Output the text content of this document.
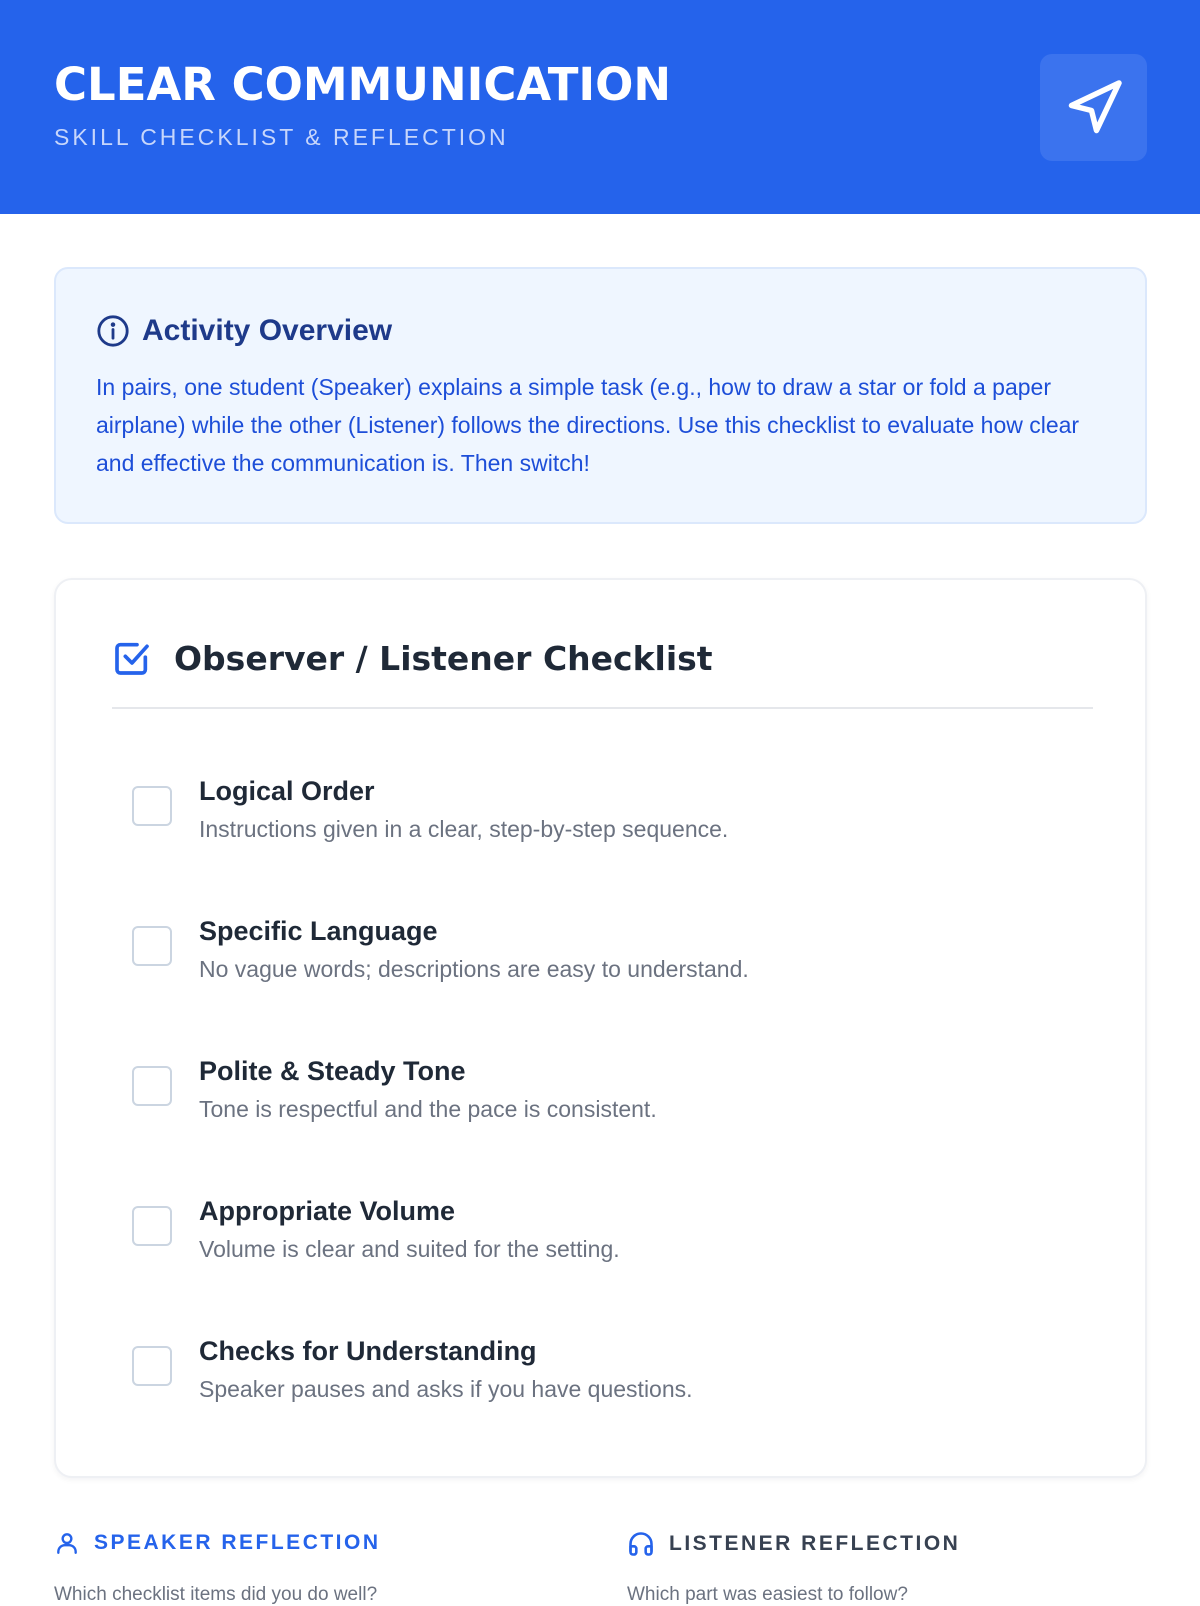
CLEAR COMMUNICATION
SKILL CHECKLIST & REFLECTION
Activity Overview
In pairs, one student (Speaker) explains a simple task (e.g., how to draw a star or fold a paper airplane) while the other (Listener) follows the directions. Use this checklist to evaluate how clear and effective the communication is. Then switch!
Observer / Listener Checklist
Logical Order
Instructions given in a clear, step-by-step sequence.
Specific Language
No vague words; descriptions are easy to understand.
Polite & Steady Tone
Tone is respectful and the pace is consistent.
Appropriate Volume
Volume is clear and suited for the setting.
Checks for Understanding
Speaker pauses and asks if you have questions.
SPEAKER REFLECTION
Which checklist items did you do well?
LISTENER REFLECTION
Which part was easiest to follow?
